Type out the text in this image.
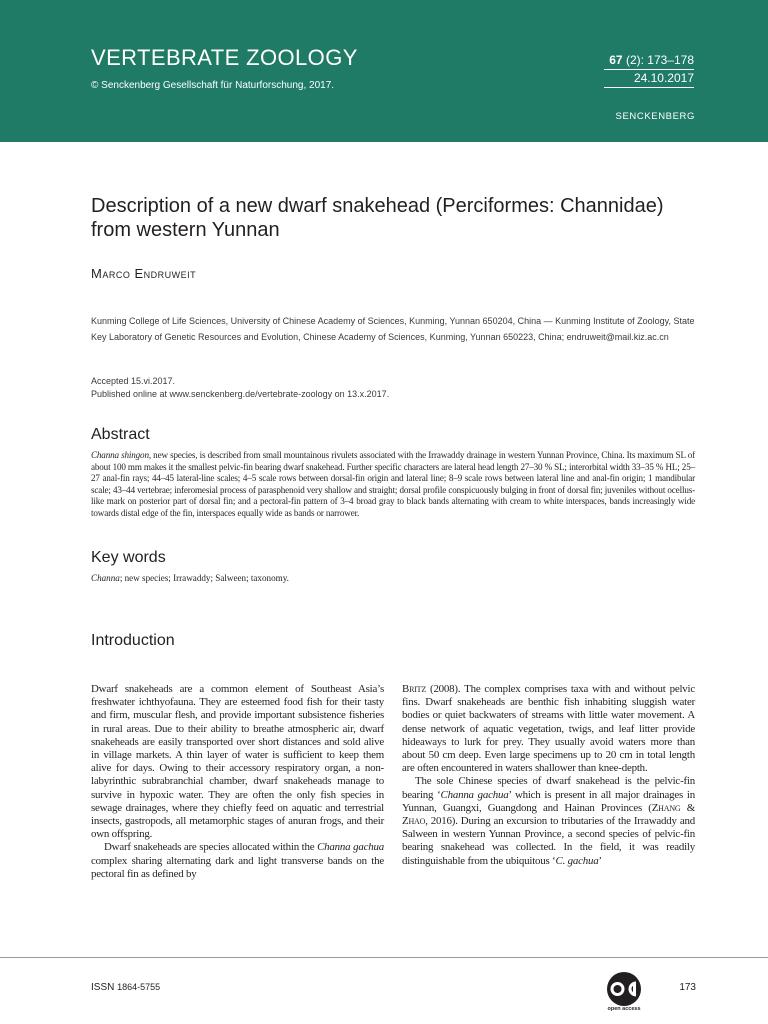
VERTEBRATE ZOOLOGY
© Senckenberg Gesellschaft für Naturforschung, 2017.
67 (2): 173–178
24.10.2017
SENCKENBERG
Description of a new dwarf snakehead (Perciformes: Channidae) from western Yunnan
Marco Endruweit
Kunming College of Life Sciences, University of Chinese Academy of Sciences, Kunming, Yunnan 650204, China — Kunming Institute of Zoology, State Key Laboratory of Genetic Resources and Evolution, Chinese Academy of Sciences, Kunming, Yunnan 650223, China; endruweit@mail.kiz.ac.cn
Accepted 15.vi.2017.
Published online at www.senckenberg.de/vertebrate-zoology on 13.x.2017.
Abstract

Channa shingon, new species, is described from small mountainous rivulets associated with the Irrawaddy drainage in western Yunnan Province, China. Its maximum SL of about 100 mm makes it the smallest pelvic-fin bearing dwarf snakehead. Further specific characters are lateral head length 27–30 % SL; interorbital width 33–35 % HL; 25–27 anal-fin rays; 44–45 lateral-line scales; 4–5 scale rows between dorsal-fin origin and lateral line; 8–9 scale rows between lateral line and anal-fin origin; 1 mandibular scale; 43–44 vertebrae; inferomesial process of parasphenoid very shallow and straight; dorsal profile conspicuously bulging in front of dorsal fin; juveniles without ocellus-like mark on posterior part of dorsal fin; and a pectoral-fin pattern of 3–4 broad gray to black bands alternating with cream to white interspaces, bands increasingly wide towards distal edge of the fin, interspaces equally wide as bands or narrower.

Key words

Channa; new species; Irrawaddy; Salween; taxonomy.

Introduction

Dwarf snakeheads are a common element of Southeast Asia’s freshwater ichthyofauna. They are esteemed food fish for their tasty and firm, muscular flesh, and provide important subsistence fisheries in rural areas. Due to their ability to breathe atmospheric air, dwarf snakeheads are easily transported over short distances and sold alive in village markets. A thin layer of water is sufficient to keep them alive for days. Owing to their accessory respiratory organ, a non-labyrinthic subrabranchial chamber, dwarf snakeheads manage to survive in hypoxic water. They are often the only fish species in sewage drainages, where they chiefly feed on aquatic and terrestrial insects, gastropods, all metamorphic stages of anuran frogs, and their own offspring.

Dwarf snakeheads are species allocated within the Channa gachua complex sharing alternating dark and light transverse bands on the pectoral fin as defined by

Britz (2008). The complex comprises taxa with and without pelvic fins. Dwarf snakeheads are benthic fish inhabiting sluggish water bodies or quiet backwaters of streams with little water movement. A dense network of aquatic vegetation, twigs, and leaf litter provide hideaways to lurk for prey. They usually avoid waters more than about 50 cm deep. Even large specimens up to 20 cm in total length are often encountered in waters shallower than knee-depth.

The sole Chinese species of dwarf snakehead is the pelvic-fin bearing ‘Channa gachua’ which is present in all major drainages in Yunnan, Guangxi, Guangdong and Hainan Provinces (Zhang & Zhao, 2016). During an excursion to tributaries of the Irrawaddy and Salween in western Yunnan Province, a second species of pelvic-fin bearing snakehead was collected. In the field, it was readily distinguishable from the ubiquitous ‘C. gachua’

ISSN 1864-5755
open access
173
